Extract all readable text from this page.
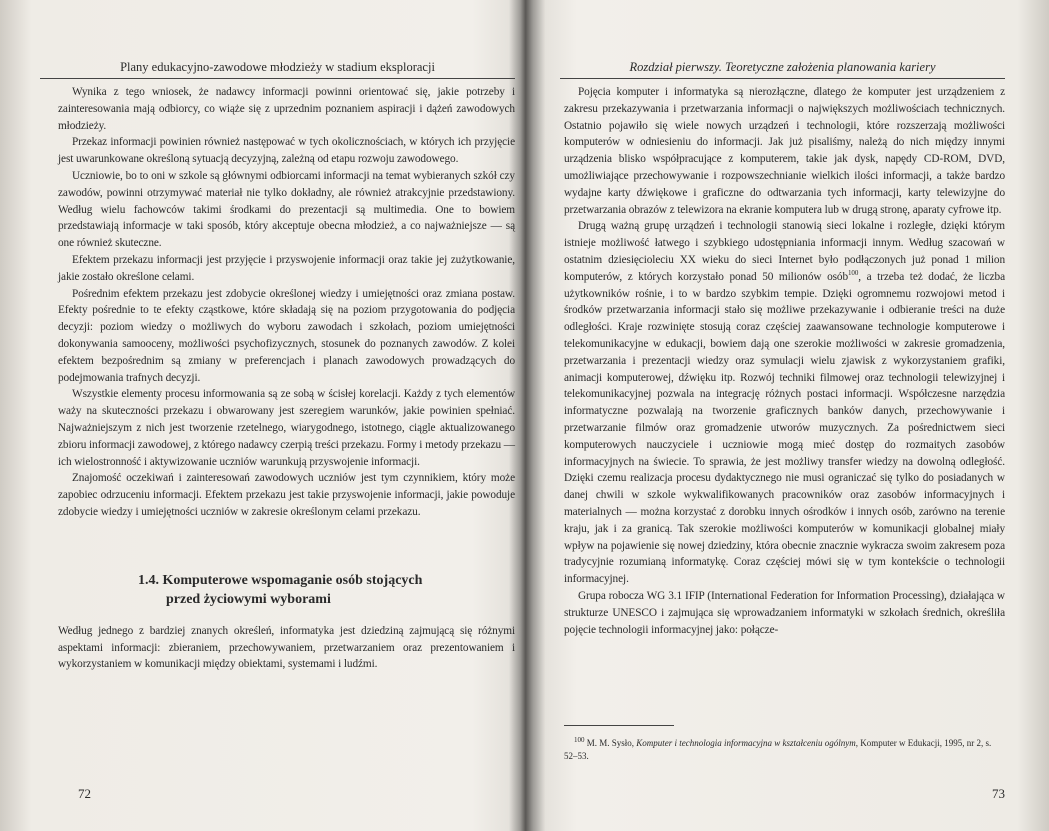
Plany edukacyjno-zawodowe młodzieży w stadium eksploracji

Wynika z tego wniosek, że nadawcy informacji powinni orientować się, jakie potrzeby i zainteresowania mają odbiorcy, co wiąże się z uprzednim poznaniem aspiracji i dążeń zawodowych młodzieży.

Przekaz informacji powinien również następować w tych okolicznościach, w których ich przyjęcie jest uwarunkowane określoną sytuacją decyzyjną, zależną od etapu rozwoju zawodowego.

Uczniowie, bo to oni w szkole są głównymi odbiorcami informacji na temat wybieranych szkół czy zawodów, powinni otrzymywać materiał nie tylko dokładny, ale również atrakcyjnie przedstawiony. Według wielu fachowców takimi środkami do prezentacji są multimedia. One to bowiem przedstawiają informacje w taki sposób, który akceptuje obecna młodzież, a co najważniejsze — są one również skuteczne.

Efektem przekazu informacji jest przyjęcie i przyswojenie informacji oraz takie jej zużytkowanie, jakie zostało określone celami.

Pośrednim efektem przekazu jest zdobycie określonej wiedzy i umiejętności oraz zmiana postaw. Efekty pośrednie to te efekty cząstkowe, które składają się na poziom przygotowania do podjęcia decyzji: poziom wiedzy o możliwych do wyboru zawodach i szkołach, poziom umiejętności dokonywania samooceny, możliwości psychofizycznych, stosunek do poznanych zawodów. Z kolei efektem bezpośrednim są zmiany w preferencjach i planach zawodowych prowadzących do podejmowania trafnych decyzji.

Wszystkie elementy procesu informowania są ze sobą w ścisłej korelacji. Każdy z tych elementów waży na skuteczności przekazu i obwarowany jest szeregiem warunków, jakie powinien spełniać. Najważniejszym z nich jest tworzenie rzetelnego, wiarygodnego, istotnego, ciągle aktualizowanego zbioru informacji zawodowej, z którego nadawcy czerpią treści przekazu. Formy i metody przekazu — ich wielostronność i aktywizowanie uczniów warunkują przyswojenie informacji.

Znajomość oczekiwań i zainteresowań zawodowych uczniów jest tym czynnikiem, który może zapobiec odrzuceniu informacji. Efektem przekazu jest takie przyswojenie informacji, jakie powoduje zdobycie wiedzy i umiejętności uczniów w zakresie określonym celami przekazu.

1.4. Komputerowe wspomaganie osób stojących
przed życiowymi wyborami

Według jednego z bardziej znanych określeń, informatyka jest dziedziną zajmującą się różnymi aspektami informacji: zbieraniem, przechowywaniem, przetwarzaniem oraz prezentowaniem i wykorzystaniem w komunikacji między obiektami, systemami i ludźmi.

72
Rozdział pierwszy. Teoretyczne założenia planowania kariery

Pojęcia komputer i informatyka są nierozłączne, dlatego że komputer jest urządzeniem z zakresu przekazywania i przetwarzania informacji o największych możliwościach technicznych. Ostatnio pojawiło się wiele nowych urządzeń i technologii, które rozszerzają możliwości komputerów w odniesieniu do informacji. Jak już pisaliśmy, należą do nich między innymi urządzenia blisko współpracujące z komputerem, takie jak dysk, napędy CD-ROM, DVD, umożliwiające przechowywanie i rozpowszechnianie wielkich ilości informacji, a także bardzo wydajne karty dźwiękowe i graficzne do odtwarzania tych informacji, karty telewizyjne do przetwarzania obrazów z telewizora na ekranie komputera lub w drugą stronę, aparaty cyfrowe itp.

Drugą ważną grupę urządzeń i technologii stanowią sieci lokalne i rozległe, dzięki którym istnieje możliwość łatwego i szybkiego udostępniania informacji innym. Według szacowań w ostatnim dziesięcioleciu XX wieku do sieci Internet było podłączonych już ponad 1 milion komputerów, z których korzystało ponad 50 milionów osób$^{100}$, a trzeba też dodać, że liczba użytkowników rośnie, i to w bardzo szybkim tempie. Dzięki ogromnemu rozwojowi metod i środków przetwarzania informacji stało się możliwe przekazywanie i odbieranie treści na duże odległości. Kraje rozwinięte stosują coraz częściej zaawansowane technologie komputerowe i telekomunikacyjne w edukacji, bowiem dają one szerokie możliwości w zakresie gromadzenia, przetwarzania i prezentacji wiedzy oraz symulacji wielu zjawisk z wykorzystaniem grafiki, animacji komputerowej, dźwięku itp. Rozwój techniki filmowej oraz technologii telewizyjnej i telekomunikacyjnej pozwala na integrację różnych postaci informacji. Współczesne narzędzia informatyczne pozwalają na tworzenie graficznych banków danych, przechowywanie i przetwarzanie filmów oraz gromadzenie utworów muzycznych. Za pośrednictwem sieci komputerowych nauczyciele i uczniowie mogą mieć dostęp do rozmaitych zasobów informacyjnych na świecie. To sprawia, że jest możliwy transfer wiedzy na dowolną odległość. Dzięki czemu realizacja procesu dydaktycznego nie musi ograniczać się tylko do posiadanych w danej chwili w szkole wykwalifikowanych pracowników oraz zasobów informacyjnych i materialnych — można korzystać z dorobku innych ośrodków i innych osób, zarówno na terenie kraju, jak i za granicą. Tak szerokie możliwości komputerów w komunikacji globalnej miały wpływ na pojawienie się nowej dziedziny, która obecnie znacznie wykracza swoim zakresem poza tradycyjnie rozumianą informatykę. Coraz częściej mówi się w tym kontekście o technologii informacyjnej.

Grupa robocza WG 3.1 IFIP (International Federation for Information Processing), działająca w strukturze UNESCO i zajmująca się wprowadzaniem informatyki w szkołach średnich, określiła pojęcie technologii informacyjnej jako: połącze-

$^{100}$ M. M. Sysło, Komputer i technologia informacyjna w kształceniu ogólnym, Komputer w Edukacji, 1995, nr 2, s. 52–53.
73
